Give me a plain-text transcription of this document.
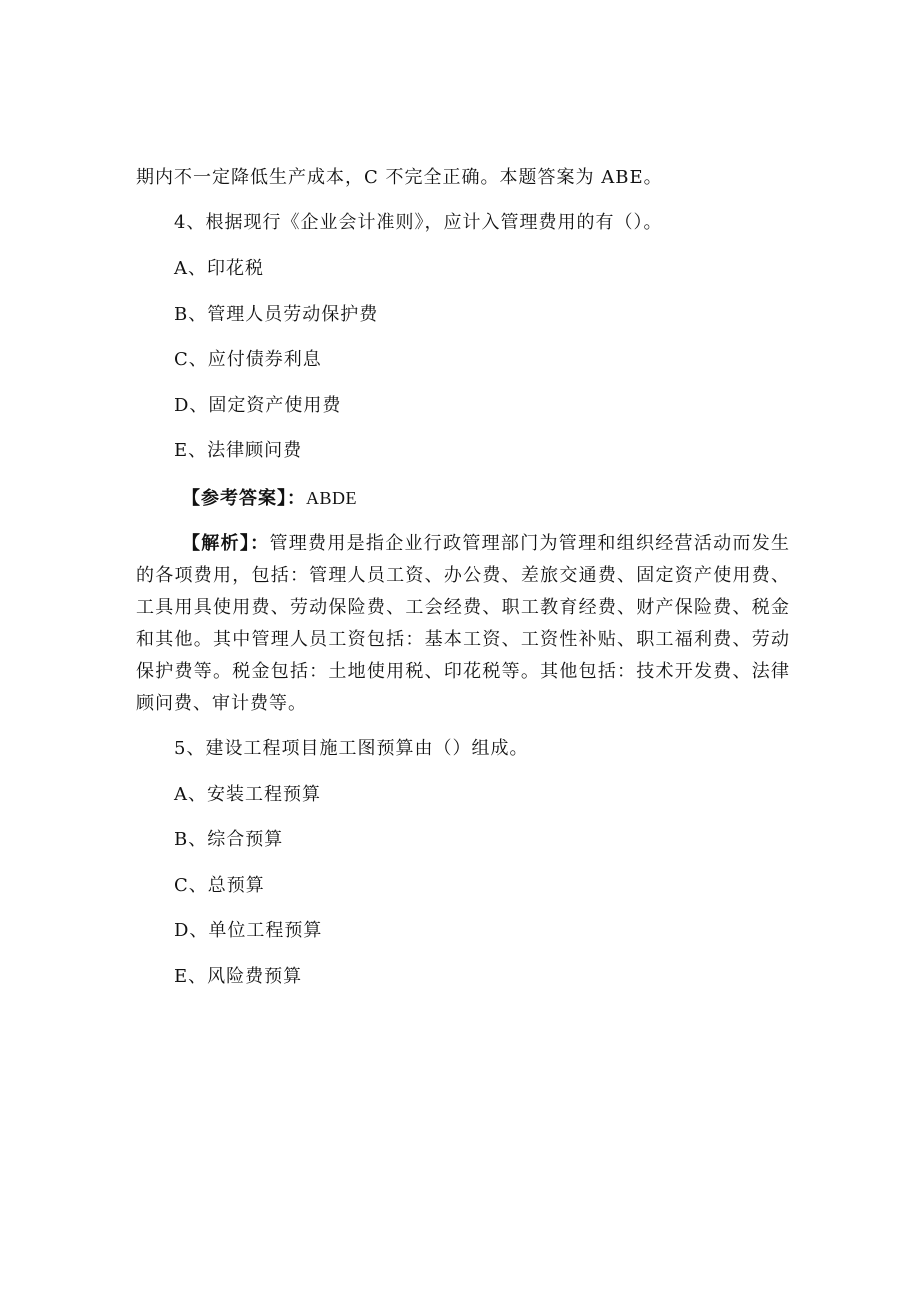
期内不一定降低生产成本，C 不完全正确。本题答案为 ABE。
4、根据现行《企业会计准则》，应计入管理费用的有（）。
A、印花税
B、管理人员劳动保护费
C、应付债券利息
D、固定资产使用费
E、法律顾问费
【参考答案】：ABDE
【解析】：管理费用是指企业行政管理部门为管理和组织经营活动而发生的各项费用，包括：管理人员工资、办公费、差旅交通费、固定资产使用费、工具用具使用费、劳动保险费、工会经费、职工教育经费、财产保险费、税金和其他。其中管理人员工资包括：基本工资、工资性补贴、职工福利费、劳动保护费等。税金包括：土地使用税、印花税等。其他包括：技术开发费、法律顾问费、审计费等。
5、建设工程项目施工图预算由（）组成。
A、安装工程预算
B、综合预算
C、总预算
D、单位工程预算
E、风险费预算
